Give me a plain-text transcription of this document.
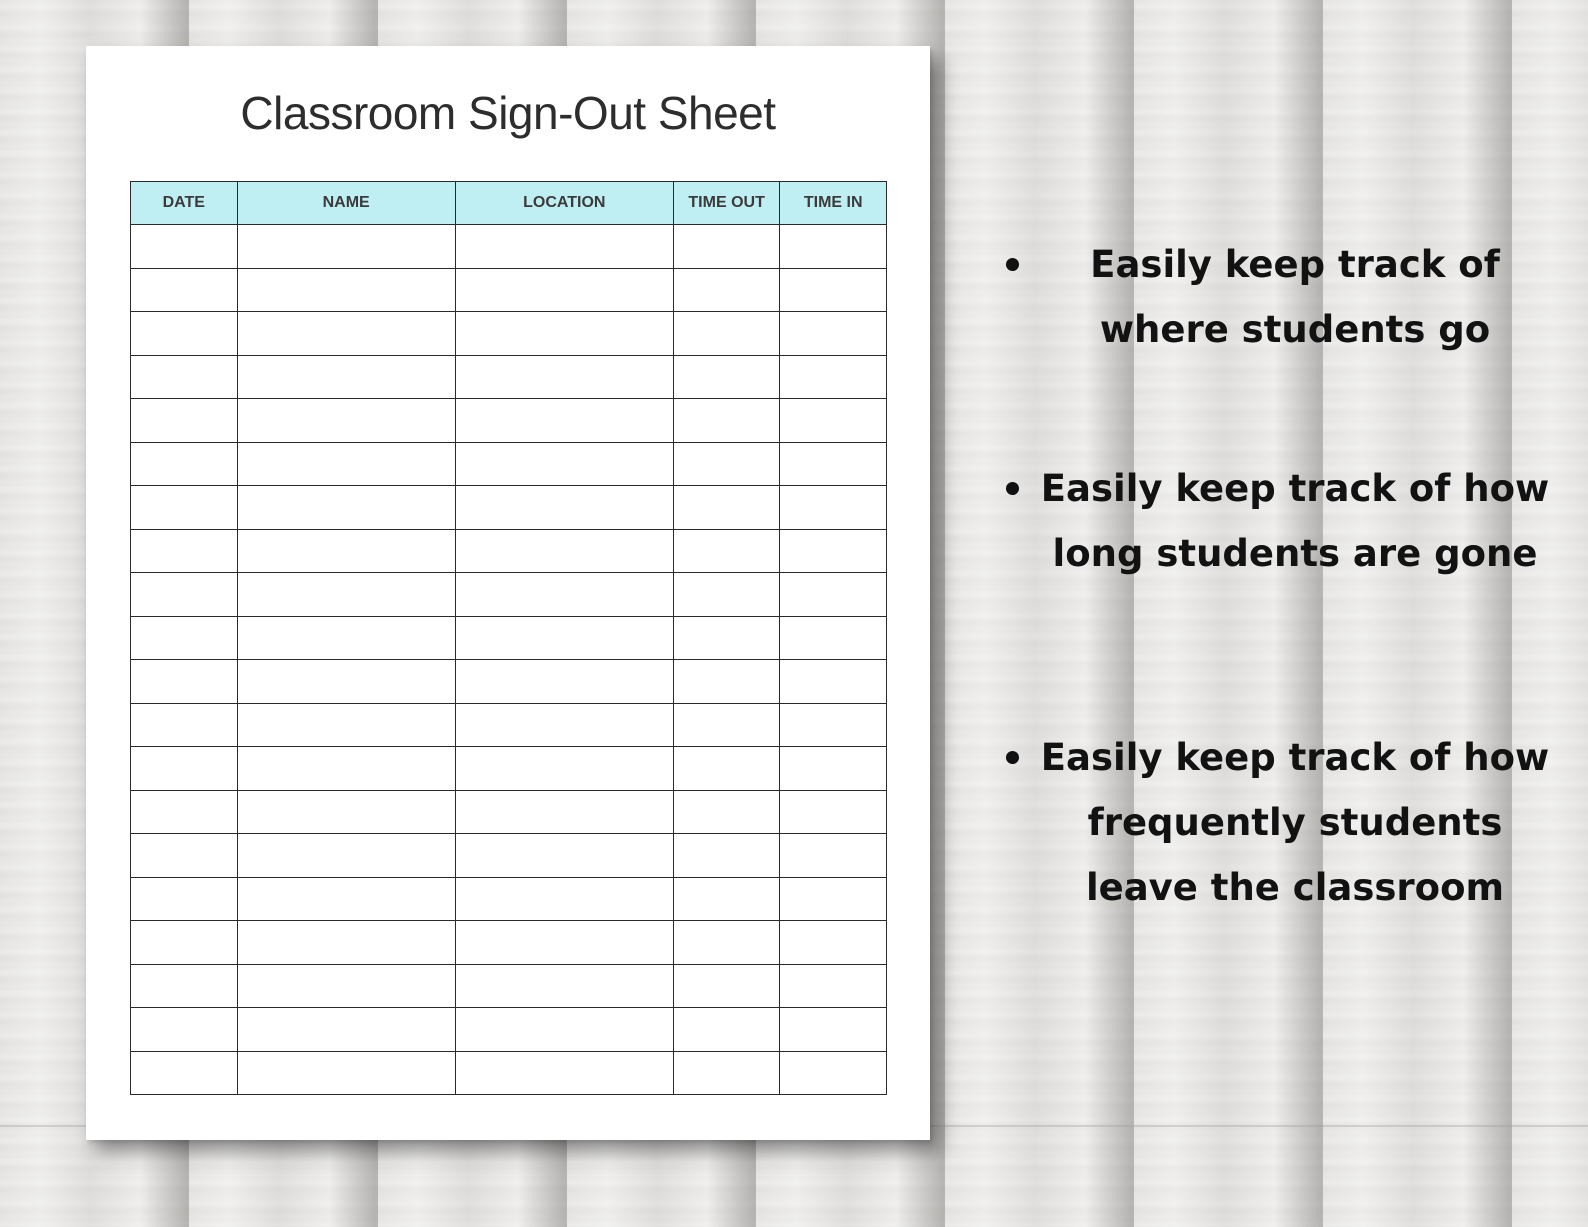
Classroom Sign-Out Sheet
DATE	NAME	LOCATION	TIME OUT	TIME IN

Easily keep track of where students go
Easily keep track of how long students are gone
Easily keep track of how frequently students leave the classroom
